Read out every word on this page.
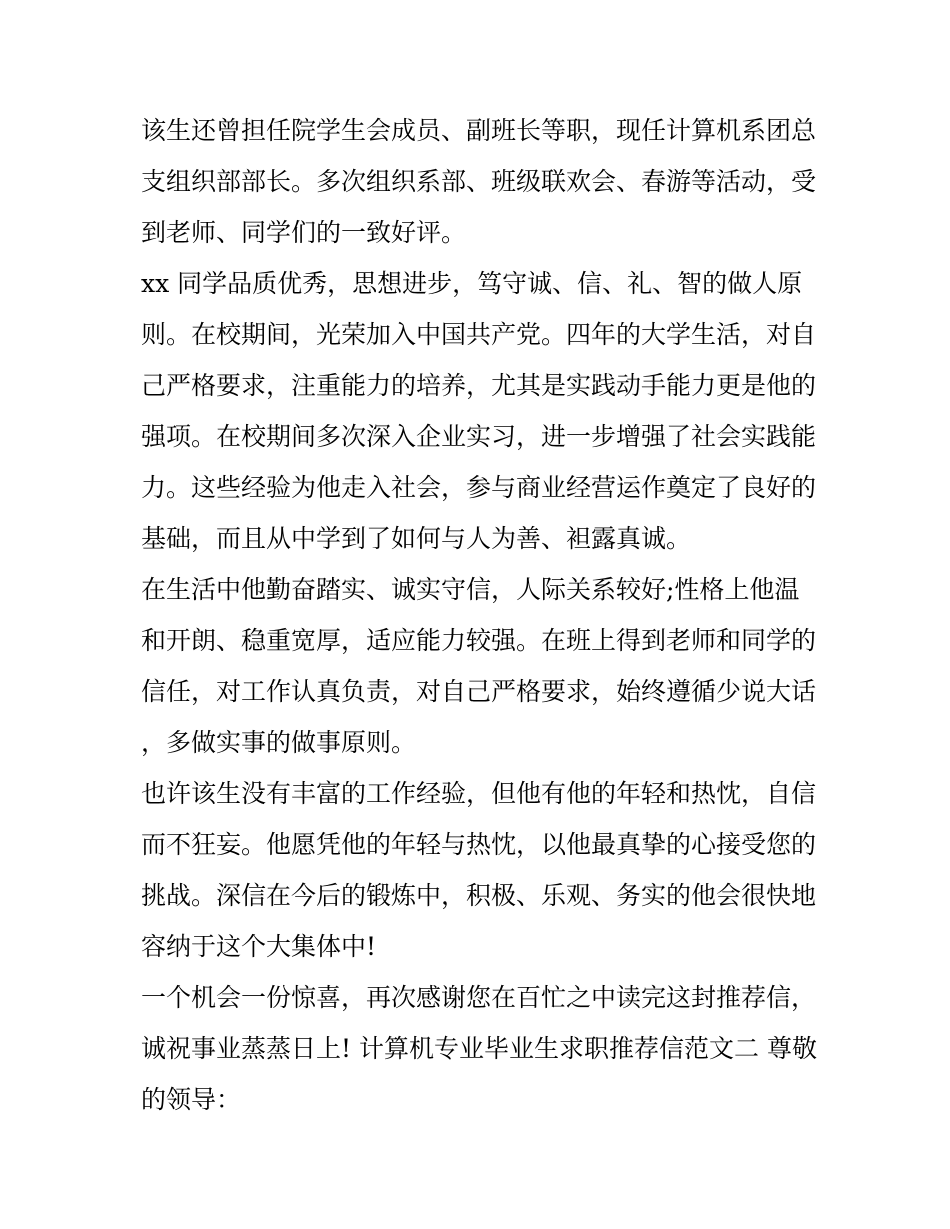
该生还曾担任院学生会成员、副班长等职，现任计算机系团总支组织部部长。多次组织系部、班级联欢会、春游等活动，受到老师、同学们的一致好评。

xx 同学品质优秀，思想进步，笃守诚、信、礼、智的做人原则。在校期间，光荣加入中国共产党。四年的大学生活，对自己严格要求，注重能力的培养，尤其是实践动手能力更是他的强项。在校期间多次深入企业实习，进一步增强了社会实践能力。这些经验为他走入社会，参与商业经营运作奠定了良好的基础，而且从中学到了如何与人为善、袒露真诚。

在生活中他勤奋踏实、诚实守信，人际关系较好;性格上他温和开朗、稳重宽厚，适应能力较强。在班上得到老师和同学的信任，对工作认真负责，对自己严格要求，始终遵循少说大话，多做实事的做事原则。

也许该生没有丰富的工作经验，但他有他的年轻和热忱，自信而不狂妄。他愿凭他的年轻与热忱，以他最真挚的心接受您的挑战。深信在今后的锻炼中，积极、乐观、务实的他会很快地容纳于这个大集体中!

一个机会一份惊喜，再次感谢您在百忙之中读完这封推荐信，诚祝事业蒸蒸日上! 计算机专业毕业生求职推荐信范文二 尊敬的领导：
